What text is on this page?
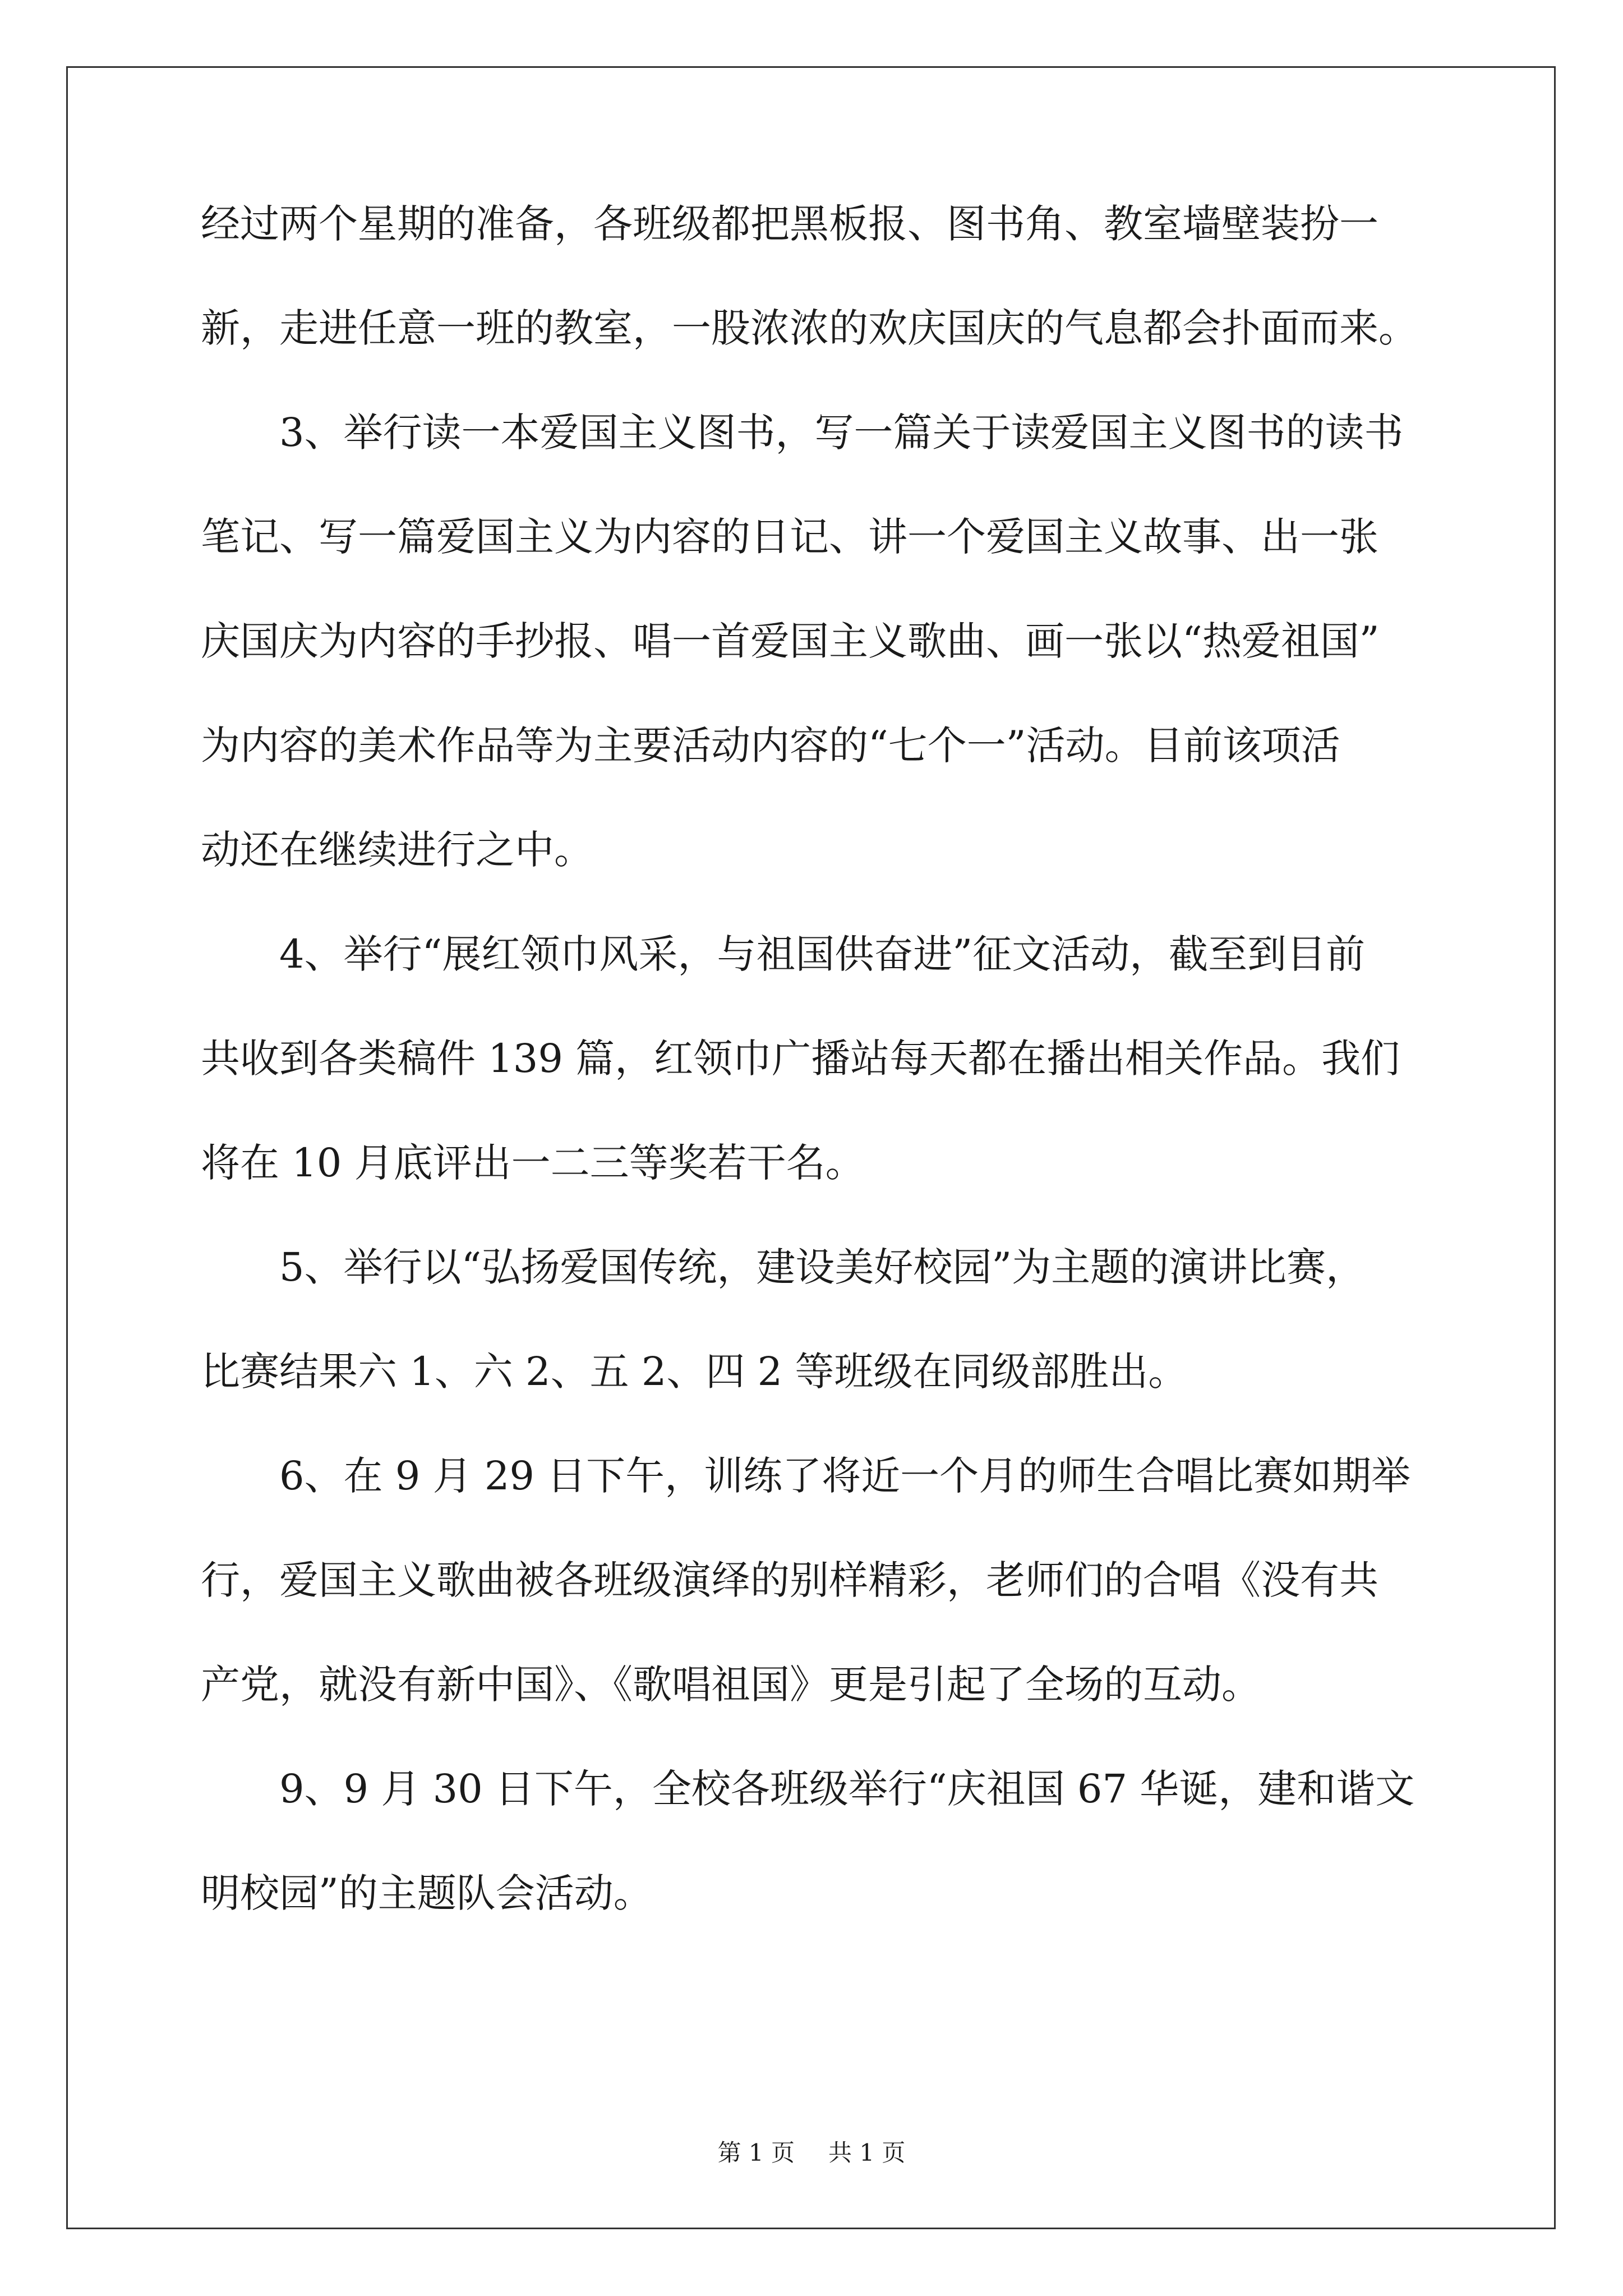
经过两个星期的准备，各班级都把黑板报、图书角、教室墙壁装扮一
新，走进任意一班的教室，一股浓浓的欢庆国庆的气息都会扑面而来。
3、举行读一本爱国主义图书，写一篇关于读爱国主义图书的读书
笔记、写一篇爱国主义为内容的日记、讲一个爱国主义故事、出一张
庆国庆为内容的手抄报、唱一首爱国主义歌曲、画一张以“热爱祖国”
为内容的美术作品等为主要活动内容的“七个一”活动。目前该项活
动还在继续进行之中。
4、举行“展红领巾风采，与祖国供奋进”征文活动，截至到目前
共收到各类稿件 139 篇，红领巾广播站每天都在播出相关作品。我们
将在 10 月底评出一二三等奖若干名。
5、举行以“弘扬爱国传统，建设美好校园”为主题的演讲比赛，
比赛结果六 1、六 2、五 2、四 2 等班级在同级部胜出。
6、在 9 月 29 日下午，训练了将近一个月的师生合唱比赛如期举
行，爱国主义歌曲被各班级演绎的别样精彩，老师们的合唱《没有共
产党，就没有新中国》、《歌唱祖国》更是引起了全场的互动。
9、9 月 30 日下午，全校各班级举行“庆祖国 67 华诞，建和谐文
明校园”的主题队会活动。
第 1 页 共 1 页
